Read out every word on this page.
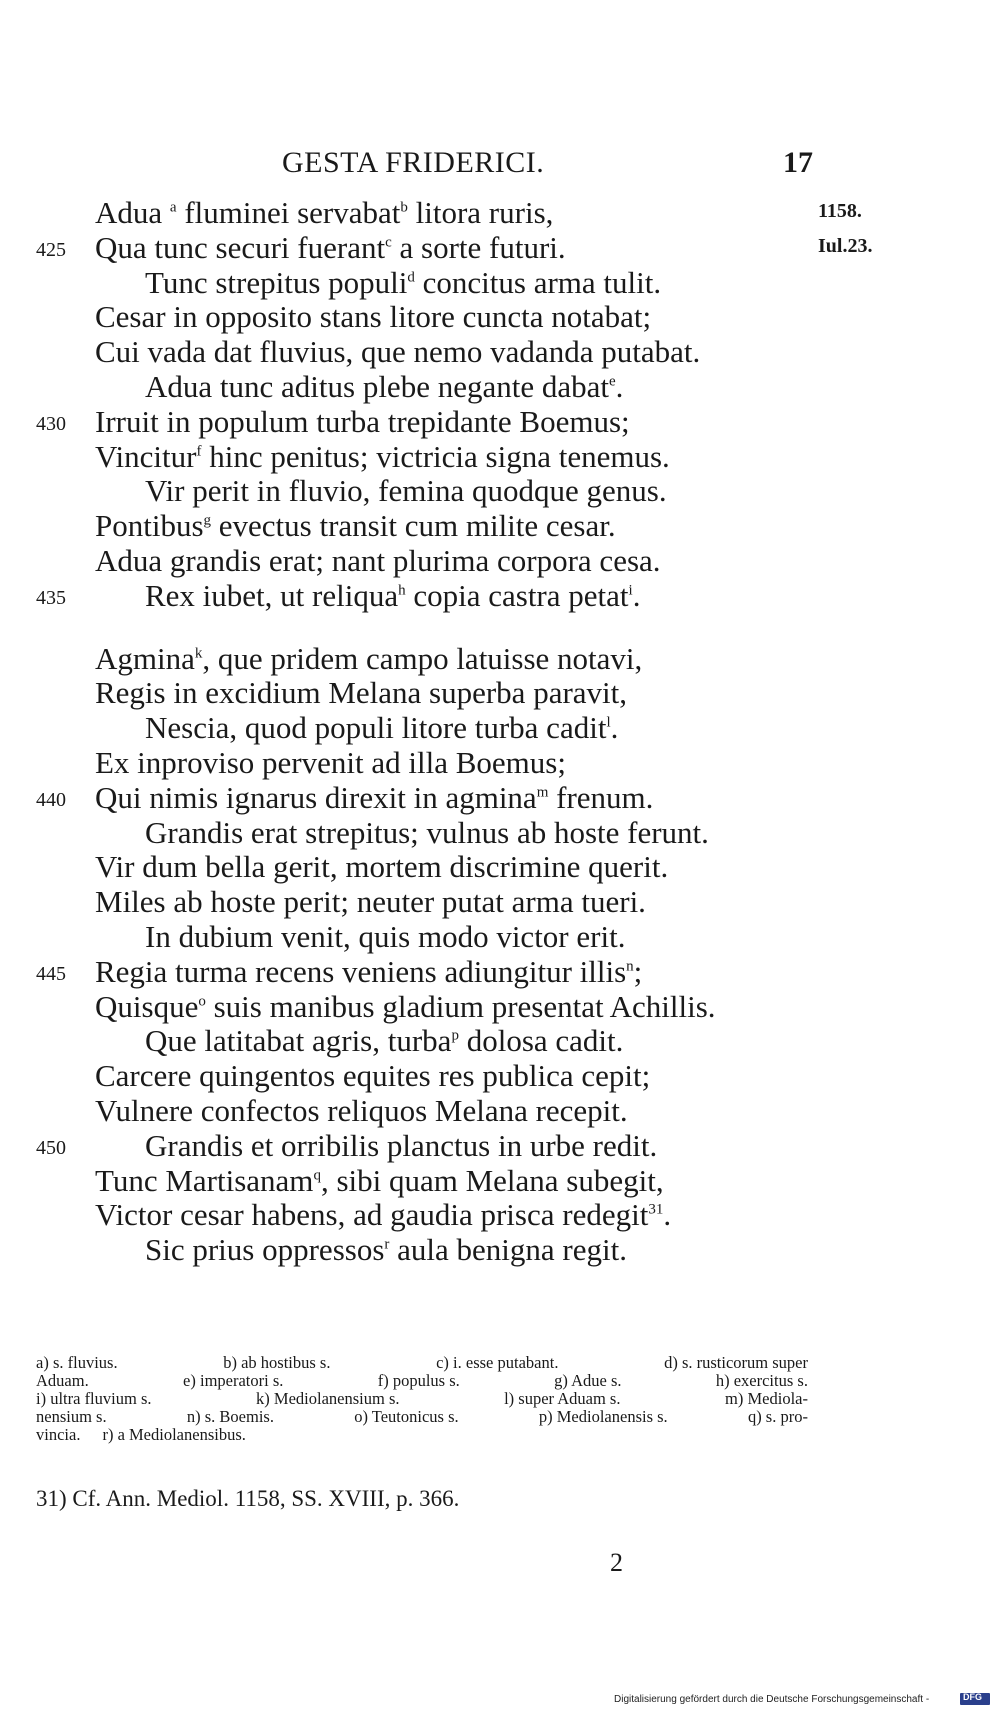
GESTA FRIDERICI.	17
1158.
Iul.23.
Adua $^a$ fluminei servabat$^b$ litora ruris,
Qua tunc securi fuerant$^c$ a sorte futuri.
425
Tunc strepitus populi$^d$ concitus arma tulit.
Cesar in opposito stans litore cuncta notabat;
Cui vada dat fluvius, que nemo vadanda putabat.
Adua tunc aditus plebe negante dabat$^e$.
Irruit in populum turba trepidante Boemus;
430
Vincitur$^f$ hinc penitus; victricia signa tenemus.
Vir perit in fluvio, femina quodque genus.
Pontibus$^g$ evectus transit cum milite cesar.
Adua grandis erat; nant plurima corpora cesa.
Rex iubet, ut reliqua$^h$ copia castra petat$^i$.
435
Agmina$^k$, que pridem campo latuisse notavi,
Regis in excidium Melana superba paravit,
Nescia, quod populi litore turba cadit$^l$.
Ex inproviso pervenit ad illa Boemus;
Qui nimis ignarus direxit in agmina$^m$ frenum.
440
Grandis erat strepitus; vulnus ab hoste ferunt.
Vir dum bella gerit, mortem discrimine querit.
Miles ab hoste perit; neuter putat arma tueri.
In dubium venit, quis modo victor erit.
Regia turma recens veniens adiungitur illis$^n$;
445
Quisque$^o$ suis manibus gladium presentat Achillis.
Que latitabat agris, turba$^p$ dolosa cadit.
Carcere quingentos equites res publica cepit;
Vulnere confectos reliquos Melana recepit.
Grandis et orribilis planctus in urbe redit.
450
Tunc Martisanam$^q$, sibi quam Melana subegit,
Victor cesar habens, ad gaudia prisca redegit$^{31}$.
Sic prius oppressos$^r$ aula benigna regit.
a) s. fluvius.	b) ab hostibus s.	c) i. esse putabant.	d) s. rusticorum super
Aduam.	e) imperatori s.	f) populus s.	g) Adue s.	h) exercitus s.
i) ultra fluvium s.	k) Mediolanensium s.	l) super Aduam s.	m) Mediola-
nensium s.	n) s. Boemis.	o) Teutonicus s.	p) Mediolanensis s.	q) s. pro-
vincia. r) a Mediolanensibus.
31) Cf. Ann. Mediol. 1158, SS. XVIII, p. 366.
2
Digitalisierung gefördert durch die Deutsche Forschungsgemeinschaft -	DFG
